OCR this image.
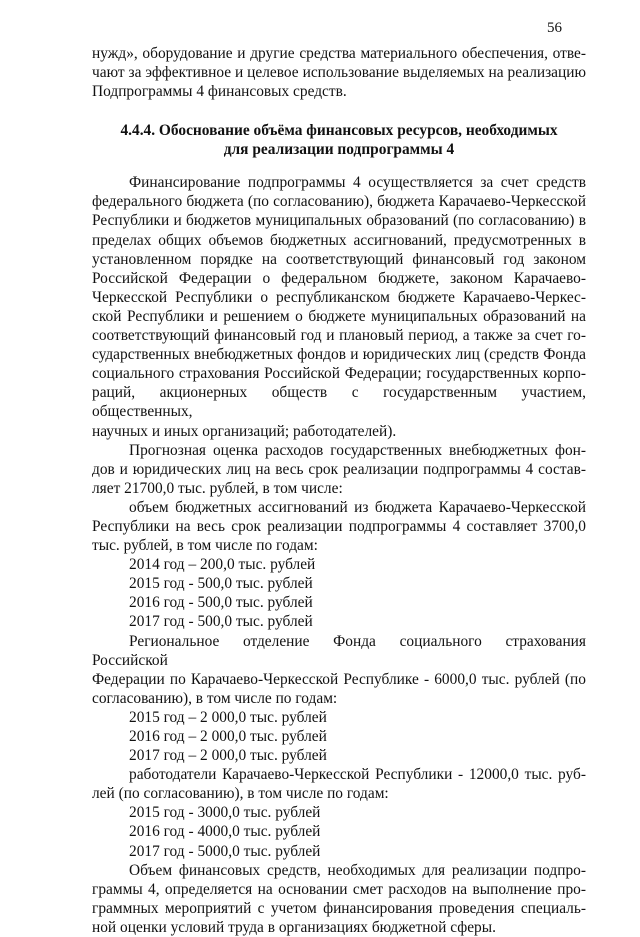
56

нужд», оборудование и другие средства материального обеспечения, отве-

чают за эффективное и целевое использование выделяемых на реализацию

Подпрограммы 4 финансовых средств.

4.4.4. Обоснование объёма финансовых ресурсов, необходимых
для реализации подпрограммы 4

Финансирование подпрограммы 4 осуществляется за счет средств

федерального бюджета (по согласованию), бюджета Карачаево-Черкесской

Республики и бюджетов муниципальных образований (по согласованию) в

пределах общих объемов бюджетных ассигнований, предусмотренных в

установленном порядке на соответствующий финансовый год законом

Российской Федерации о федеральном бюджете, законом Карачаево-

Черкесской Республики о республиканском бюджете Карачаево-Черкес-

ской Республики и решением о бюджете муниципальных образований на

соответствующий финансовый год и плановый период, а также за счет го-

сударственных внебюджетных фондов и юридических лиц (средств Фонда

социального страхования Российской Федерации; государственных корпо-

раций, акционерных обществ с государственным участием, общественных,

научных и иных организаций; работодателей).

Прогнозная оценка расходов государственных внебюджетных фон-

дов и юридических лиц на весь срок реализации подпрограммы 4 состав-

ляет 21700,0 тыс. рублей, в том числе:

объем бюджетных ассигнований из бюджета Карачаево-Черкесской

Республики на весь срок реализации подпрограммы 4 составляет 3700,0

тыс. рублей, в том числе по годам:

2014 год – 200,0 тыс. рублей

2015 год - 500,0 тыс. рублей

2016 год - 500,0 тыс. рублей

2017 год - 500,0 тыс. рублей

Региональное отделение Фонда социального страхования Российской

Федерации по Карачаево-Черкесской Республике - 6000,0 тыс. рублей (по

согласованию), в том числе по годам:

2015 год – 2 000,0 тыс. рублей

2016 год – 2 000,0 тыс. рублей

2017 год – 2 000,0 тыс. рублей

работодатели Карачаево-Черкесской Республики - 12000,0 тыс. руб-

лей (по согласованию), в том числе по годам:

2015 год - 3000,0 тыс. рублей

2016 год - 4000,0 тыс. рублей

2017 год - 5000,0 тыс. рублей

Объем финансовых средств, необходимых для реализации подпро-

граммы 4, определяется на основании смет расходов на выполнение про-

граммных мероприятий с учетом финансирования проведения специаль-

ной оценки условий труда в организациях бюджетной сферы.
